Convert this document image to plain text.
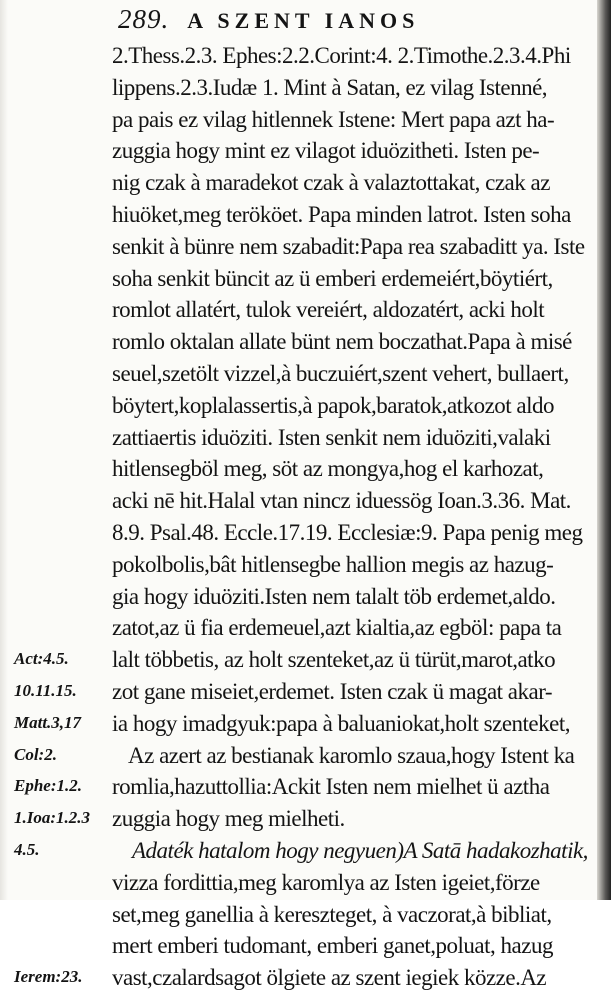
289. A SZENT IANOS
2.Thess.2.3. Ephes:2.2.Corint:4. 2.Timothe.2.3.4.Phi
lippens.2.3.Iudæ 1. Mint à Satan, ez vilag Istenné,
pa pais ez vilag hitlennek Istene: Mert papa azt ha-
zuggia hogy mint ez vilagot iduözitheti. Isten pe-
nig czak à maradekot czak à valaztottakat, czak az
hiuöket,meg terököet. Papa minden latrot. Isten soha
senkit à bünre nem szabadit:Papa rea szabaditt ya. Iste
soha senkit büncit az ü emberi erdemeiért,böytiért,
romlot allatért, tulok vereiért, aldozatért, acki holt
romlo oktalan allate bünt nem boczathat.Papa à misé
seuel,szetölt vizzel,à buczuiért,szent vehert, bullaert,
böytert,koplalassertis,à papok,baratok,atkozot aldo
zattiaertis iduöziti. Isten senkit nem iduöziti,valaki
hitlensegböl meg, söt az mongya,hog el karhozat,
acki nē hit.Halal vtan nincz iduessög Ioan.3.36. Mat.
8.9. Psal.48. Eccle.17.19. Ecclesiæ:9. Papa penig meg
pokolbolis,bât hitlensegbe hallion megis az hazug-
gia hogy iduöziti.Isten nem talalt töb erdemet,aldo.
zatot,az ü fia erdemeuel,azt kialtia,az egböl: papa ta
lalt többetis, az holt szenteket,az ü türüt,marot,atko
zot gane miseiet,erdemet. Isten czak ü magat akar-
ia hogy imadgyuk:papa à baluaniokat,holt szenteket,
Az azert az bestianak karomlo szaua,hogy Istent ka
romlia,hazuttollia:Ackit Isten nem mielhet ü aztha
zuggia hogy meg mielheti.
Adaték hatalom hogy negyuen)A Satā hadakozhatik,
vizza fordittia,meg karomlya az Isten igeiet,förze
set,meg ganellia à kereszteget, à vaczorat,à bibliat,
mert emberi tudomant, emberi ganet,poluat, hazug
vast,czalardsagot ölgiete az szent iegiek közze.Az
Act:4.5.
10.11.15.
Matt.3,17
Col:2.
Ephe:1.2.
1.Ioa:1.2.3
4.5.
Ierem:23.
